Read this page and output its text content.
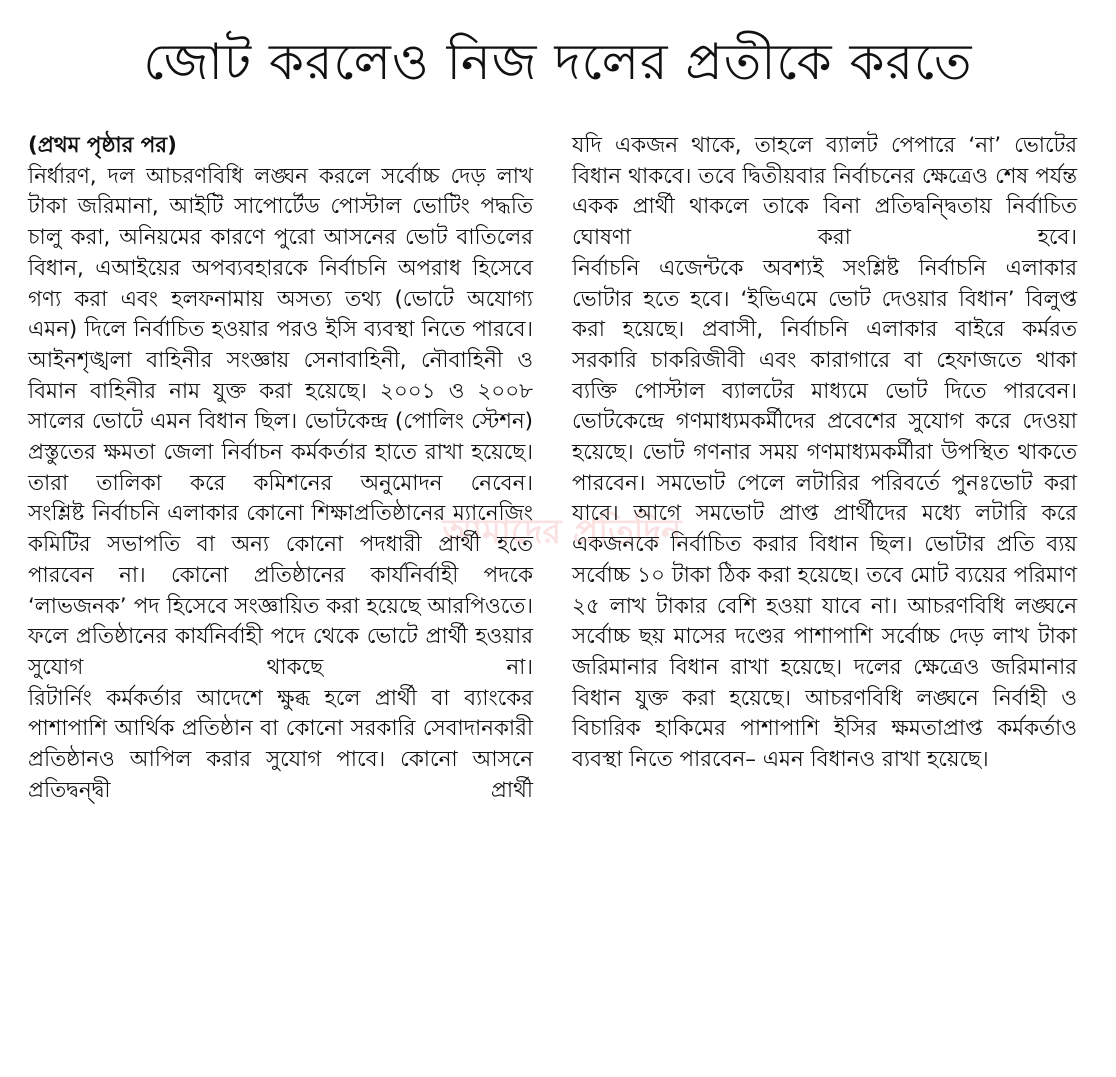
জোট করলেও নিজ দলের প্রতীকে করতে
আমাদের প্রতিদিন

(প্রথম পৃষ্ঠার পর)

নির্ধারণ, দল আচরণবিধি লঙ্ঘন করলে সর্বোচ্চ দেড় লাখ টাকা জরিমানা, আইটি সাপোর্টেড পোস্টাল ভোটিং পদ্ধতি চালু করা, অনিয়মের কারণে পুরো আসনের ভোট বাতিলের বিধান, এআইয়ের অপব্যবহারকে নির্বাচনি অপরাধ হিসেবে গণ্য করা এবং হলফনামায় অসত্য তথ্য (ভোটে অযোগ্য এমন) দিলে নির্বাচিত হওয়ার পরও ইসি ব্যবস্থা নিতে পারবে।

আইনশৃঙ্খলা বাহিনীর সংজ্ঞায় সেনাবাহিনী, নৌবাহিনী ও বিমান বাহিনীর নাম যুক্ত করা হয়েছে। ২০০১ ও ২০০৮ সালের ভোটে এমন বিধান ছিল। ভোটকেন্দ্র (পোলিং স্টেশন) প্রস্তুতের ক্ষমতা জেলা নির্বাচন কর্মকর্তার হাতে রাখা হয়েছে। তারা তালিকা করে কমিশনের অনুমোদন নেবেন।

সংশ্লিষ্ট নির্বাচনি এলাকার কোনো শিক্ষাপ্রতিষ্ঠানের ম্যানেজিং কমিটির সভাপতি বা অন্য কোনো পদধারী প্রার্থী হতে পারবেন না। কোনো প্রতিষ্ঠানের কার্যনির্বাহী পদকে ‘লাভজনক’ পদ হিসেবে সংজ্ঞায়িত করা হয়েছে আরপিওতে। ফলে প্রতিষ্ঠানের কার্যনির্বাহী পদে থেকে ভোটে প্রার্থী হওয়ার সুযোগ থাকছে না।

রিটার্নিং কর্মকর্তার আদেশে ক্ষুব্ধ হলে প্রার্থী বা ব্যাংকের পাশাপাশি আর্থিক প্রতিষ্ঠান বা কোনো সরকারি সেবাদানকারী প্রতিষ্ঠানও আপিল করার সুযোগ পাবে। কোনো আসনে প্রতিদ্বন্দ্বী প্রার্থী

যদি একজন থাকে, তাহলে ব্যালট পেপারে ‘না’ ভোটের বিধান থাকবে। তবে দ্বিতীয়বার নির্বাচনের ক্ষেত্রেও শেষ পর্যন্ত একক প্রার্থী থাকলে তাকে বিনা প্রতিদ্বন্দ্বিতায় নির্বাচিত ঘোষণা করা হবে।

নির্বাচনি এজেন্টকে অবশ্যই সংশ্লিষ্ট নির্বাচনি এলাকার ভোটার হতে হবে। ‘ইভিএমে ভোট দেওয়ার বিধান’ বিলুপ্ত করা হয়েছে। প্রবাসী, নির্বাচনি এলাকার বাইরে কর্মরত সরকারি চাকরিজীবী এবং কারাগারে বা হেফাজতে থাকা ব্যক্তি পোস্টাল ব্যালটের মাধ্যমে ভোট দিতে পারবেন। ভোটকেন্দ্রে গণমাধ্যমকর্মীদের প্রবেশের সুযোগ করে দেওয়া হয়েছে। ভোট গণনার সময় গণমাধ্যমকর্মীরা উপস্থিত থাকতে পারবেন। সমভোট পেলে লটারির পরিবর্তে পুনঃভোট করা যাবে। আগে সমভোট প্রাপ্ত প্রার্থীদের মধ্যে লটারি করে একজনকে নির্বাচিত করার বিধান ছিল। ভোটার প্রতি ব্যয় সর্বোচ্চ ১০ টাকা ঠিক করা হয়েছে। তবে মোট ব্যয়ের পরিমাণ ২৫ লাখ টাকার বেশি হওয়া যাবে না। আচরণবিধি লঙ্ঘনে সর্বোচ্চ ছয় মাসের দণ্ডের পাশাপাশি সর্বোচ্চ দেড় লাখ টাকা জরিমানার বিধান রাখা হয়েছে। দলের ক্ষেত্রেও জরিমানার বিধান যুক্ত করা হয়েছে। আচরণবিধি লঙ্ঘনে নির্বাহী ও বিচারিক হাকিমের পাশাপাশি ইসির ক্ষমতাপ্রাপ্ত কর্মকর্তাও ব্যবস্থা নিতে পারবেন– এমন বিধানও রাখা হয়েছে।
